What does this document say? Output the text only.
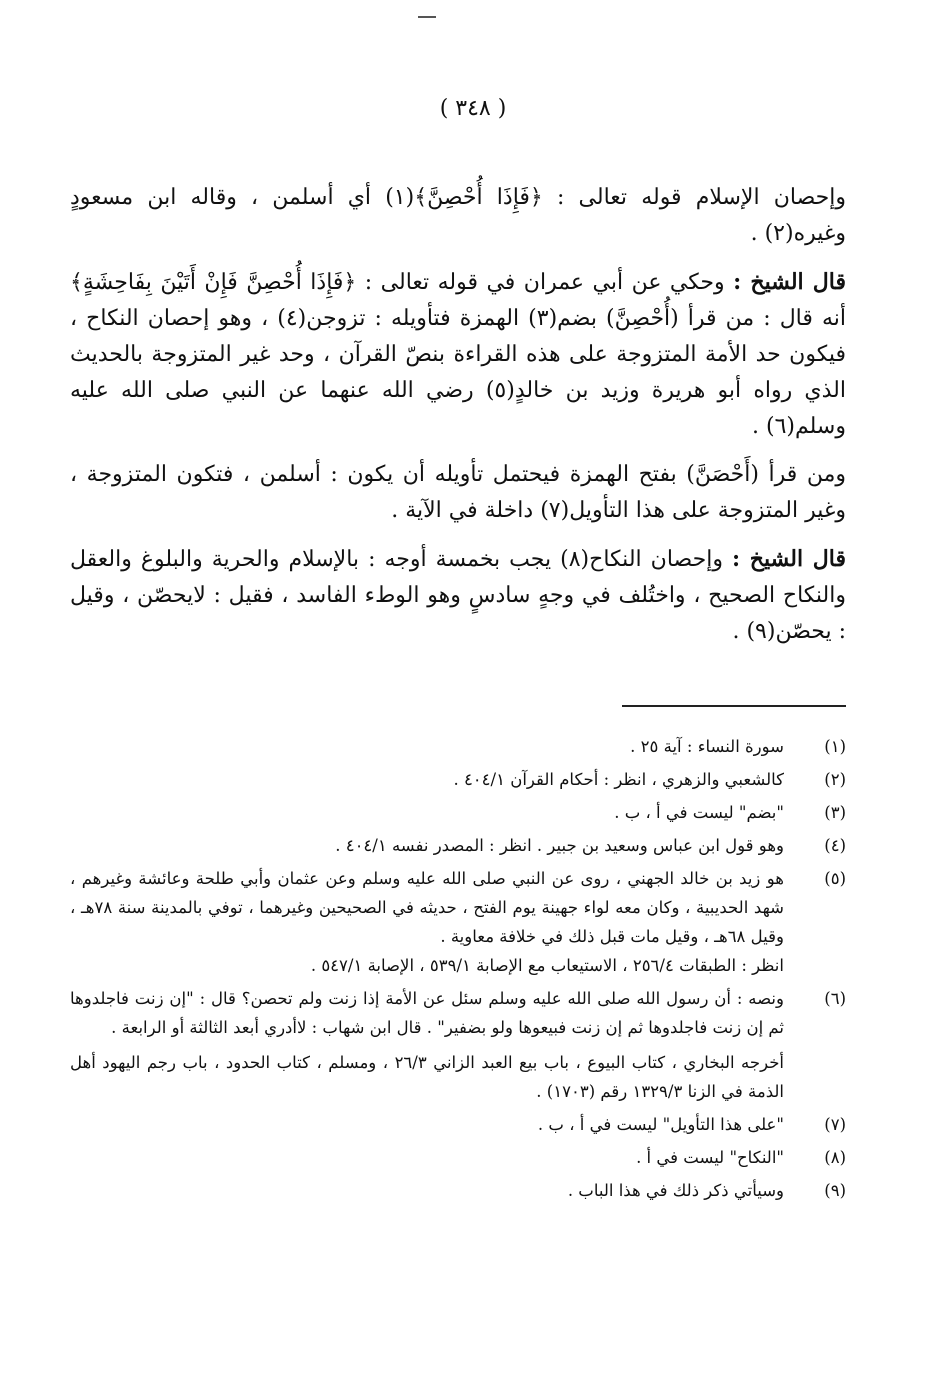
( ٣٤٨ )

وإحصان الإسلام قوله تعالى : ﴿فَإِذَا أُحْصِنَّ﴾(١) أي أسلمن ، وقاله ابن مسعودٍ وغيره(٢) .

قال الشيخ : وحكي عن أبي عمران في قوله تعالى : ﴿فَإِذَا أُحْصِنَّ فَإِنْ أَتَيْنَ بِفَاحِشَةٍ﴾ أنه قال : من قرأ (أُحْصِنَّ) بضم(٣) الهمزة فتأويله : تزوجن(٤) ، وهو إحصان النكاح ، فيكون حد الأمة المتزوجة على هذه القراءة بنصّ القرآن ، وحد غير المتزوجة بالحديث الذي رواه أبو هريرة وزيد بن خالدٍ(٥) رضي الله عنهما عن النبي صلى الله عليه وسلم(٦) .

ومن قرأ (أَحْصَنَّ) بفتح الهمزة فيحتمل تأويله أن يكون : أسلمن ، فتكون المتزوجة ، وغير المتزوجة على هذا التأويل(٧) داخلة في الآية .

قال الشيخ : وإحصان النكاح(٨) يجب بخمسة أوجه : بالإسلام والحرية والبلوغ والعقل والنكاح الصحيح ، واختُلف في وجهٍ سادسٍ وهو الوطء الفاسد ، فقيل : لايحصّن ، وقيل : يحصّن(٩) .

(١)
سورة النساء : آية ٢٥ .
(٢)
كالشعبي والزهري ، انظر : أحكام القرآن ٤٠٤/١ .
(٣)
"بضم" ليست في أ ، ب .
(٤)
وهو قول ابن عباس وسعيد بن جبير . انظر : المصدر نفسه ٤٠٤/١ .
(٥)
هو زيد بن خالد الجهني ، روى عن النبي صلى الله عليه وسلم وعن عثمان وأبي طلحة وعائشة وغيرهم ، شهد الحديبية ، وكان معه لواء جهينة يوم الفتح ، حديثه في الصحيحين وغيرهما ، توفي بالمدينة سنة ٧٨هـ ، وقيل ٦٨هـ ، وقيل مات قبل ذلك في خلافة معاوية .
انظر : الطبقات ٢٥٦/٤ ، الاستيعاب مع الإصابة ٥٣٩/١ ، الإصابة ٥٤٧/١ .
(٦)
ونصه : أن رسول الله صلى الله عليه وسلم سئل عن الأمة إذا زنت ولم تحصن؟ قال : "إن زنت فاجلدوها ثم إن زنت فاجلدوها ثم إن زنت فبيعوها ولو بضفير" . قال ابن شهاب : لاأدري أبعد الثالثة أو الرابعة .
أخرجه البخاري ، كتاب البيوع ، باب بيع العبد الزاني ٢٦/٣ ، ومسلم ، كتاب الحدود ، باب رجم اليهود أهل الذمة في الزنا ١٣٢٩/٣ رقم (١٧٠٣) .
(٧)
"على هذا التأويل" ليست في أ ، ب .
(٨)
"النكاح" ليست في أ .
(٩)
وسيأتي ذكر ذلك في هذا الباب .
